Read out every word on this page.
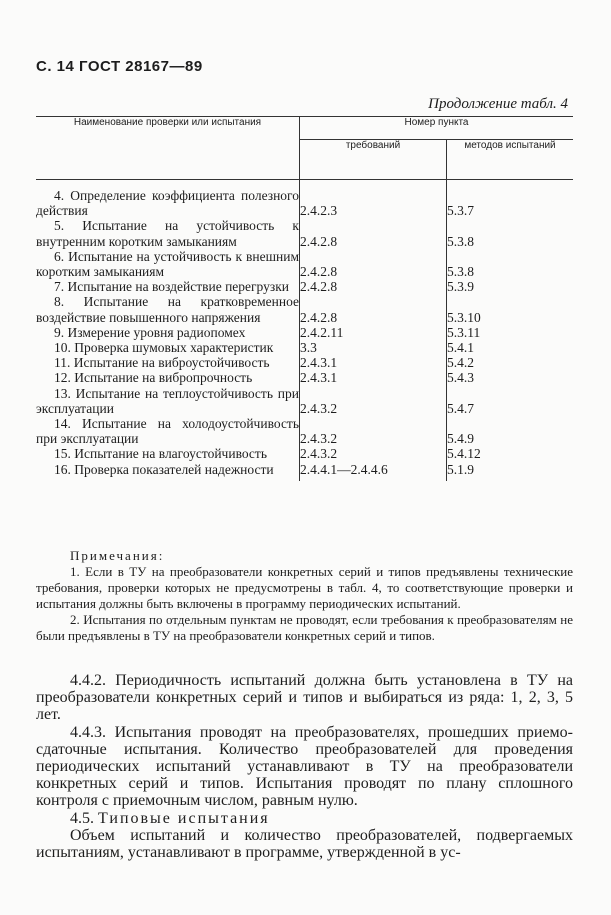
С. 14 ГОСТ 28167—89
Продолжение табл. 4
Наименование проверки или испытания	Номер пункта	
	требований	методов испытаний

4. Определение коэффициента полезного действия	2.4.2.3	5.3.7
5. Испытание на устойчивость к внутренним коротким замыканиям	2.4.2.8	5.3.8
6. Испытание на устойчивость к внешним коротким замыканиям	2.4.2.8	5.3.8
7. Испытание на воздействие перегрузки	2.4.2.8	5.3.9
8. Испытание на кратковременное воздействие повышенного напряжения	2.4.2.8	5.3.10
9. Измерение уровня радиопомех	2.4.2.11	5.3.11
10. Проверка шумовых характеристик	3.3	5.4.1
11. Испытание на виброустойчивость	2.4.3.1	5.4.2
12. Испытание на вибропрочность	2.4.3.1	5.4.3
13. Испытание на теплоустойчивость при эксплуатации	2.4.3.2	5.4.7
14. Испытание на холодоустойчивость при эксплуатации	2.4.3.2	5.4.9
15. Испытание на влагоустойчивость	2.4.3.2	5.4.12
16. Проверка показателей надежности	2.4.4.1—2.4.4.6	5.1.9

Примечания:

1. Если в ТУ на преобразователи конкретных серий и типов предъявлены технические требования, проверки которых не предусмотрены в табл. 4, то соответствующие проверки и испытания должны быть включены в программу периодических испытаний.

2. Испытания по отдельным пунктам не проводят, если требования к преобразователям не были предъявлены в ТУ на преобразователи конкретных серий и типов.

4.4.2. Периодичность испытаний должна быть установлена в ТУ на преобразователи конкретных серий и типов и выбираться из ряда: 1, 2, 3, 5 лет.

4.4.3. Испытания проводят на преобразователях, прошедших приемо-сдаточные испытания. Количество преобразователей для проведения периодических испытаний устанавливают в ТУ на преобразователи конкретных серий и типов. Испытания проводят по плану сплошного контроля с приемочным числом, равным нулю.

4.5. Типовые испытания

Объем испытаний и количество преобразователей, подвергаемых испытаниям, устанавливают в программе, утвержденной в ус-
